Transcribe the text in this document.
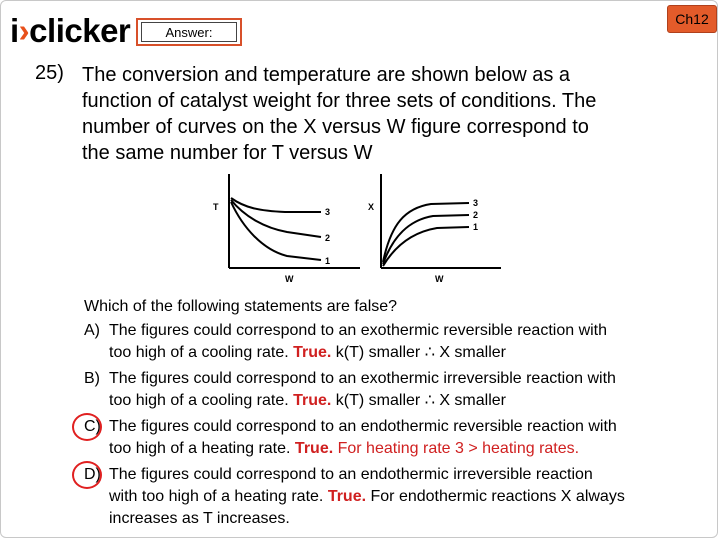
i›clicker	Answer:
Ch12
25) The conversion and temperature are shown below as a
function of catalyst weight for three sets of conditions. The
number of curves on the X versus W figure correspond to
the same number for T versus W
T
W
3
2
1
X
W
3
2
1
Which of the following statements are false?
A) The figures could correspond to an exothermic reversible reaction with
too high of a cooling rate. True. k(T) smaller ∴ X smaller
B) The figures could correspond to an exothermic irreversible reaction with
too high of a cooling rate. True. k(T) smaller ∴ X smaller
C) The figures could correspond to an endothermic reversible reaction with
too high of a heating rate. True. For heating rate 3 > heating rates.
D) The figures could correspond to an endothermic irreversible reaction
with too high of a heating rate. True. For endothermic reactions X always
increases as T increases.
